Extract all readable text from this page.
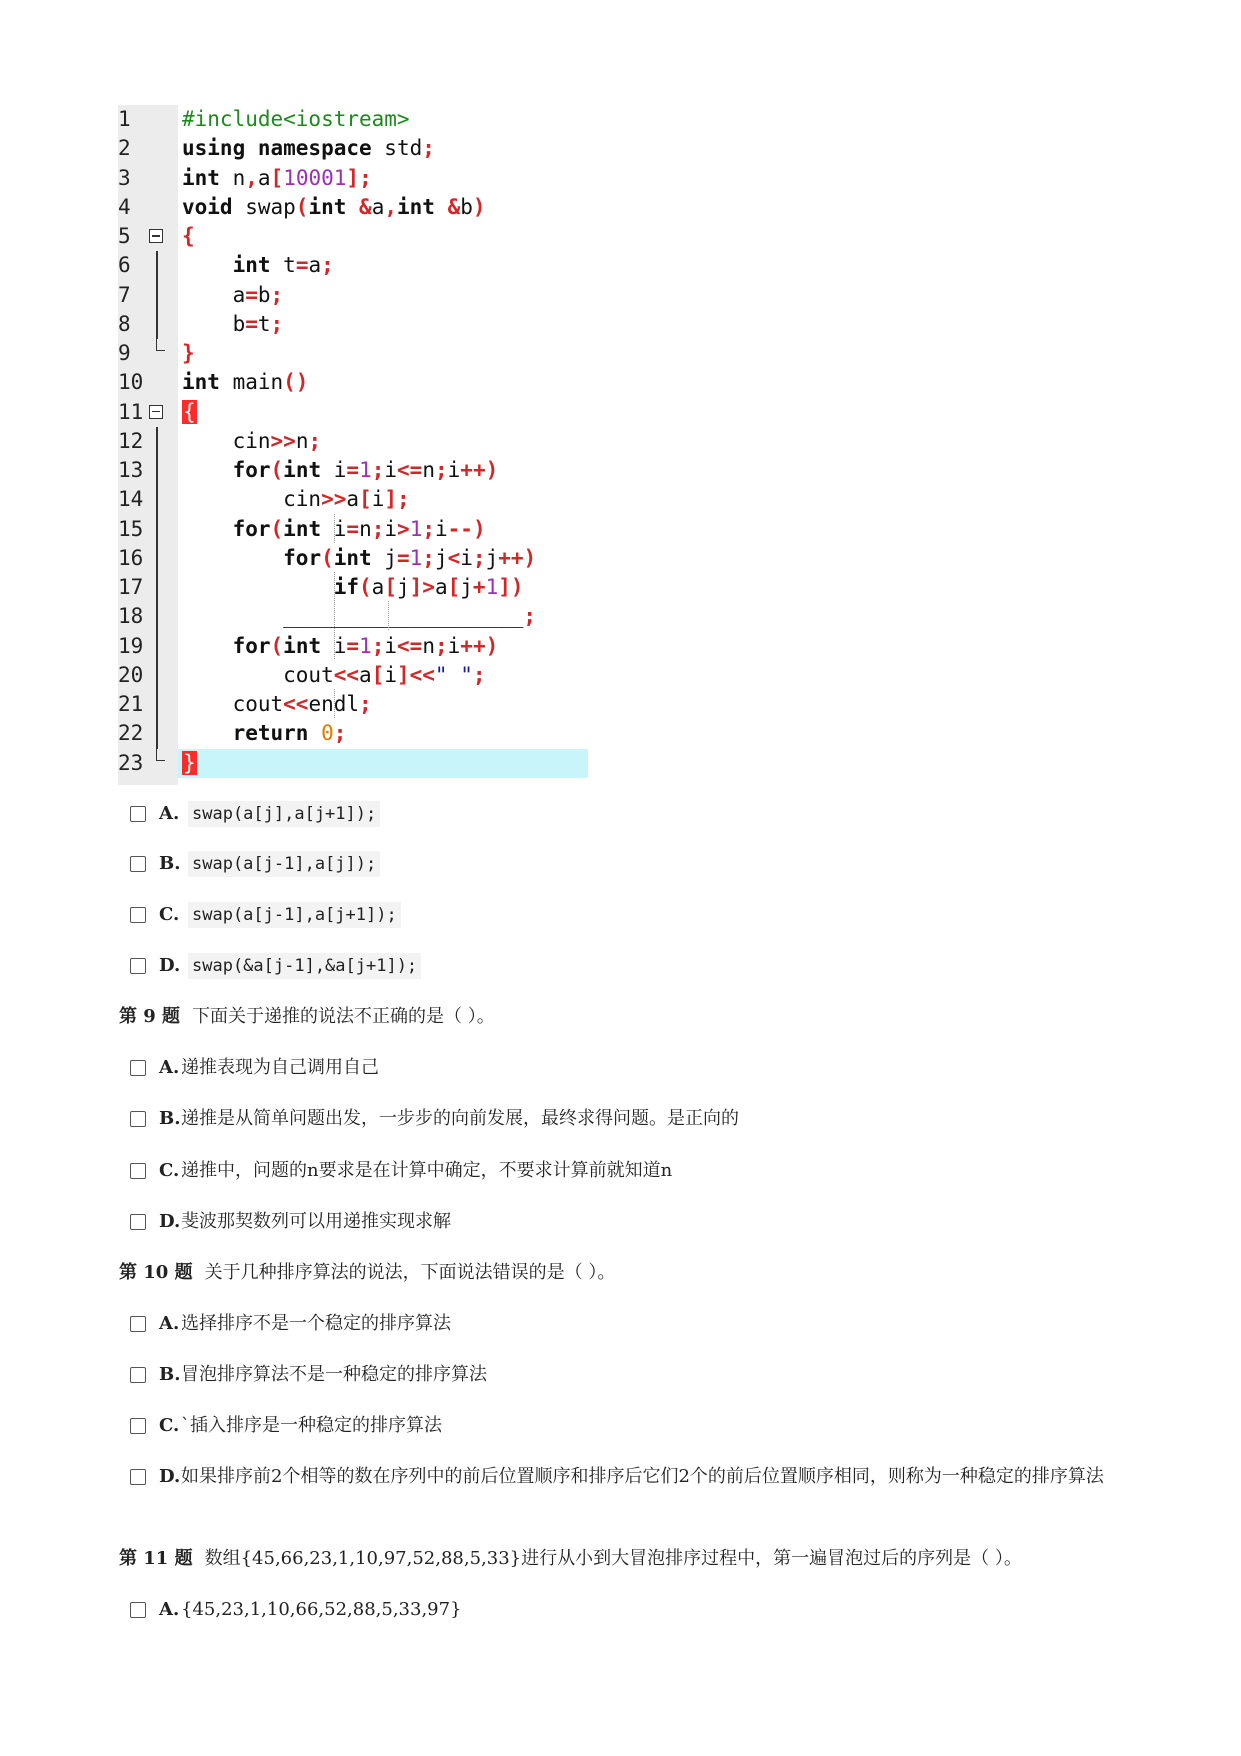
1	#include<iostream>
2	using namespace std;
3	int n,a[10001];
4	void swap(int &a,int &b)
5	{
6	int t=a;
7	a=b;
8	b=t;
9	}
10	int main()
11	{
12	cin>>n;
13	for(int i=1;i<=n;i++)
14	cin>>a[i];
15	for(int i=n;i>1;i--)
16	for(int j=1;j<i;j++)
17	if(a[j]>a[j+1])
18	___________________;
19	for(int i=1;i<=n;i++)
20	cout<<a[i]<<" ";
21	cout<<endl;
22	return 0;
23	}
A. swap(a[j],a[j+1]);
B. swap(a[j-1],a[j]);
C. swap(a[j-1],a[j+1]);
D. swap(&a[j-1],&a[j+1]);
第 9 题 下面关于递推的说法不正确的是（ ）。
A. 递推表现为自己调用自己
B. 递推是从简单问题出发，一步步的向前发展，最终求得问题。是正向的
C. 递推中，问题的n要求是在计算中确定，不要求计算前就知道n
D. 斐波那契数列可以用递推实现求解
第 10 题 关于几种排序算法的说法，下面说法错误的是（ ）。
A. 选择排序不是一个稳定的排序算法
B. 冒泡排序算法不是一种稳定的排序算法
C. `插入排序是一种稳定的排序算法
D. 如果排序前2个相等的数在序列中的前后位置顺序和排序后它们2个的前后位置顺序相同，则称为一种稳定的排序算法
第 11 题 数组{45,66,23,1,10,97,52,88,5,33}进行从小到大冒泡排序过程中，第一遍冒泡过后的序列是（ ）。
A. {45,23,1,10,66,52,88,5,33,97}
